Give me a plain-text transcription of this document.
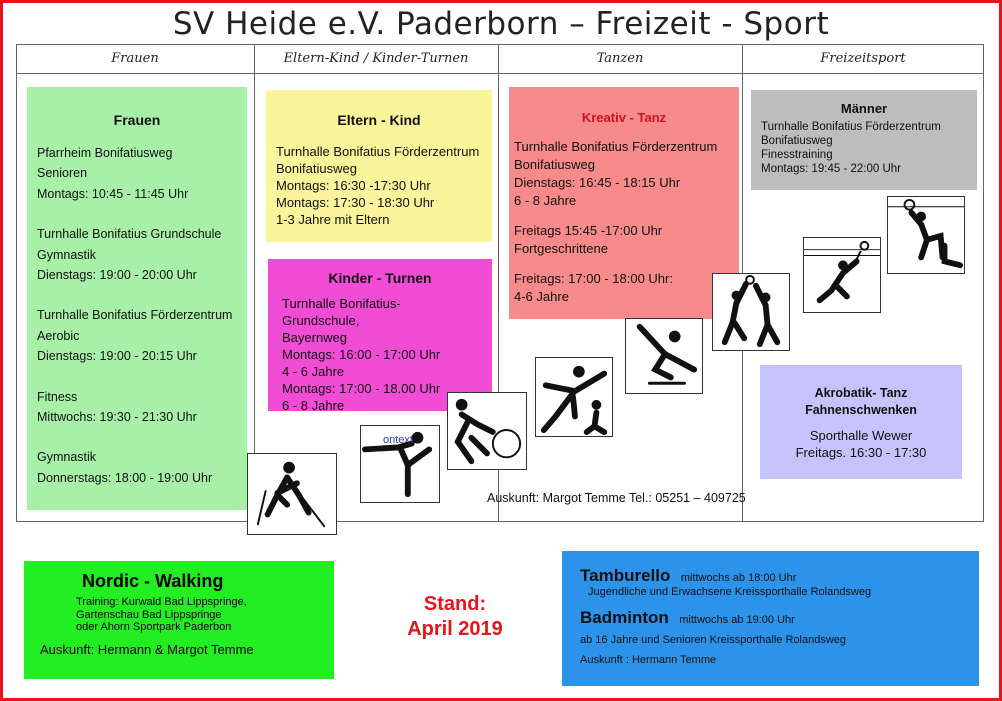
SV Heide e.V. Paderborn – Freizeit - Sport
Frauen	Eltern-Kind / Kinder-Turnen	Tanzen	Freizeitsport
Frauen

Pfarrheim Bonifatiusweg

Senioren

Montags: 10:45 - 11:45 Uhr

Turnhalle Bonifatius Grundschule

Gymnastik

Dienstags: 19:00 - 20:00 Uhr

Turnhalle Bonifatius Förderzentrum

Aerobic

Dienstags: 19:00 - 20:15 Uhr

Fitness

Mittwochs: 19:30 - 21:30 Uhr

Gymnastik

Donnerstags: 18:00 - 19:00 Uhr

Eltern - Kind

Turnhalle Bonifatius Förderzentrum

Bonifatiusweg

Montags: 16:30 -17:30 Uhr

Montags: 17:30 - 18:30 Uhr

1-3 Jahre mit Eltern

Kinder - Turnen

Turnhalle Bonifatius-Grundschule,

Bayernweg

Montags: 16:00 - 17:00 Uhr

4 - 6 Jahre

Montags: 17:00 - 18.00 Uhr

6 - 8 Jahre

Kreativ - Tanz

Turnhalle Bonifatius Förderzentrum

Bonifatiusweg

Dienstags: 16:45 - 18:15 Uhr

6 - 8 Jahre

Freitags 15:45 -17:00 Uhr

Fortgeschrittene

Freitags: 17:00 - 18:00 Uhr:

4-6 Jahre

Männer

Turnhalle Bonifatius Förderzentrum

Bonifatiusweg

Finesstraining

Montags: 19:45 - 22:00 Uhr

Akrobatik- Tanz

Fahnenschwenken

Sporthalle Wewer

Freitags. 16:30 - 17:30

Auskunft: Margot Temme Tel.: 05251 – 409725
ontext
Nordic - Walking

Training: Kurwald Bad Lippspringe,

Gartenschau Bad Lippspringe

oder Ahorn Sportpark Paderbon

Auskunft: Hermann & Margot Temme
Stand:
April 2019
Tamburello mittwochs ab 18:00 Uhr
Jugendliche und Erwachsene Kreissporthalle Rolandsweg
Badminton mittwochs ab 19:00 Uhr
ab 16 Jahre und Senioren Kreissporthalle Rolandsweg
Auskunft : Hermann Temme
